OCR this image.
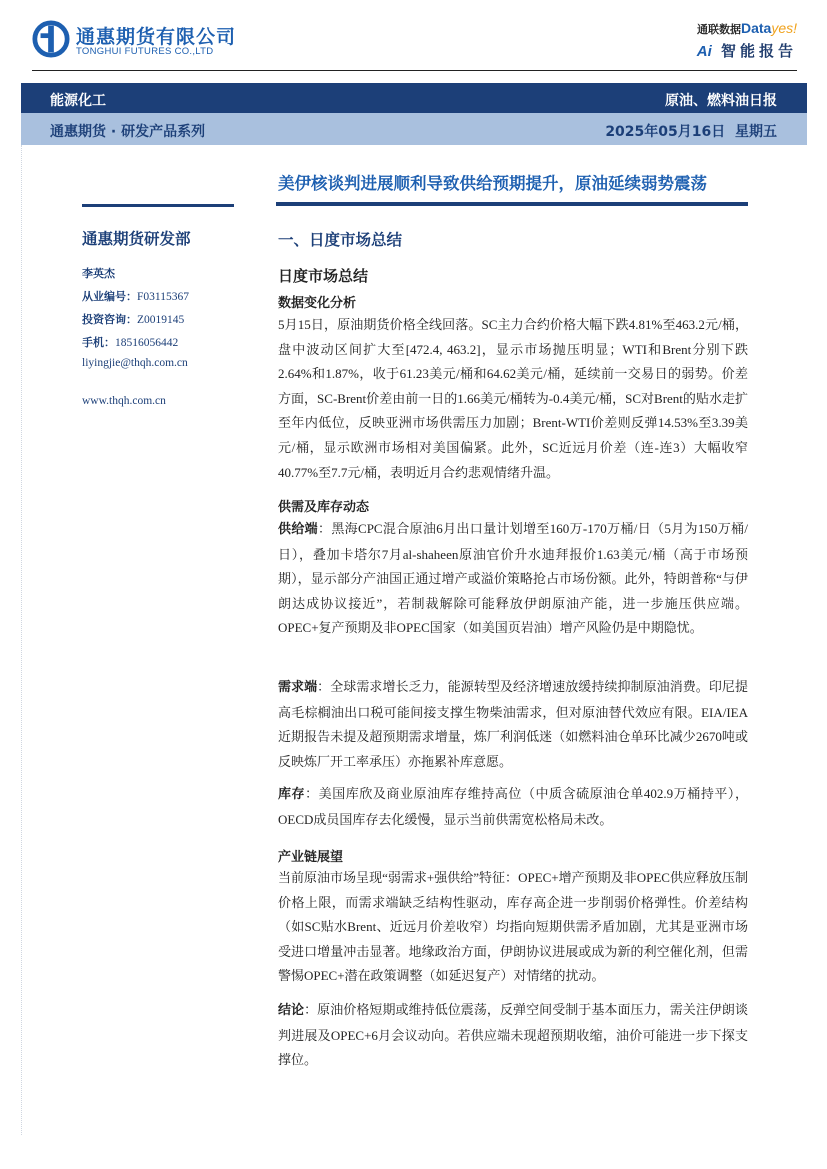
通惠期货有限公司
TONGHUI FUTURES CO.,LTD
通联数据Datayes!
Ai 智能报告
能源化工	原油、燃料油日报
通惠期货 · 研发产品系列	2025年05月16日  星期五
美伊核谈判进展顺利导致供给预期提升，原油延续弱势震荡
通惠期货研发部
李英杰
从业编号：F03115367
投资咨询：Z0019145
手机：18516056442
liyingjie@thqh.com.cn
www.thqh.com.cn
一、日度市场总结
日度市场总结
数据变化分析
5月15日，原油期货价格全线回落。SC主力合约价格大幅下跌4.81%至463.2元/桶，盘中波动区间扩大至[472.4, 463.2]，显示市场抛压明显；WTI和Brent分别下跌2.64%和1.87%，收于61.23美元/桶和64.62美元/桶，延续前一交易日的弱势。价差方面，SC-Brent价差由前一日的1.66美元/桶转为-0.4美元/桶，SC对Brent的贴水走扩至年内低位，反映亚洲市场供需压力加剧；Brent-WTI价差则反弹14.53%至3.39美元/桶，显示欧洲市场相对美国偏紧。此外，SC近远月价差（连-连3）大幅收窄40.77%至7.7元/桶，表明近月合约悲观情绪升温。
供需及库存动态
供给端：黑海CPC混合原油6月出口量计划增至160万-170万桶/日（5月为150万桶/日），叠加卡塔尔7月al-shaheen原油官价升水迪拜报价1.63美元/桶（高于市场预期），显示部分产油国正通过增产或溢价策略抢占市场份额。此外，特朗普称“与伊朗达成协议接近”，若制裁解除可能释放伊朗原油产能，进一步施压供应端。OPEC+复产预期及非OPEC国家（如美国页岩油）增产风险仍是中期隐忧。
需求端：全球需求增长乏力，能源转型及经济增速放缓持续抑制原油消费。印尼提高毛棕榈油出口税可能间接支撑生物柴油需求，但对原油替代效应有限。EIA/IEA近期报告未提及超预期需求增量，炼厂利润低迷（如燃料油仓单环比减少2670吨或反映炼厂开工率承压）亦拖累补库意愿。
库存：美国库欣及商业原油库存维持高位（中质含硫原油仓单402.9万桶持平），OECD成员国库存去化缓慢，显示当前供需宽松格局未改。
产业链展望
当前原油市场呈现“弱需求+强供给”特征：OPEC+增产预期及非OPEC供应释放压制价格上限，而需求端缺乏结构性驱动，库存高企进一步削弱价格弹性。价差结构（如SC贴水Brent、近远月价差收窄）均指向短期供需矛盾加剧，尤其是亚洲市场受进口增量冲击显著。地缘政治方面，伊朗协议进展或成为新的利空催化剂，但需警惕OPEC+潜在政策调整（如延迟复产）对情绪的扰动。
结论：原油价格短期或维持低位震荡，反弹空间受制于基本面压力，需关注伊朗谈判进展及OPEC+6月会议动向。若供应端未现超预期收缩，油价可能进一步下探支撑位。
